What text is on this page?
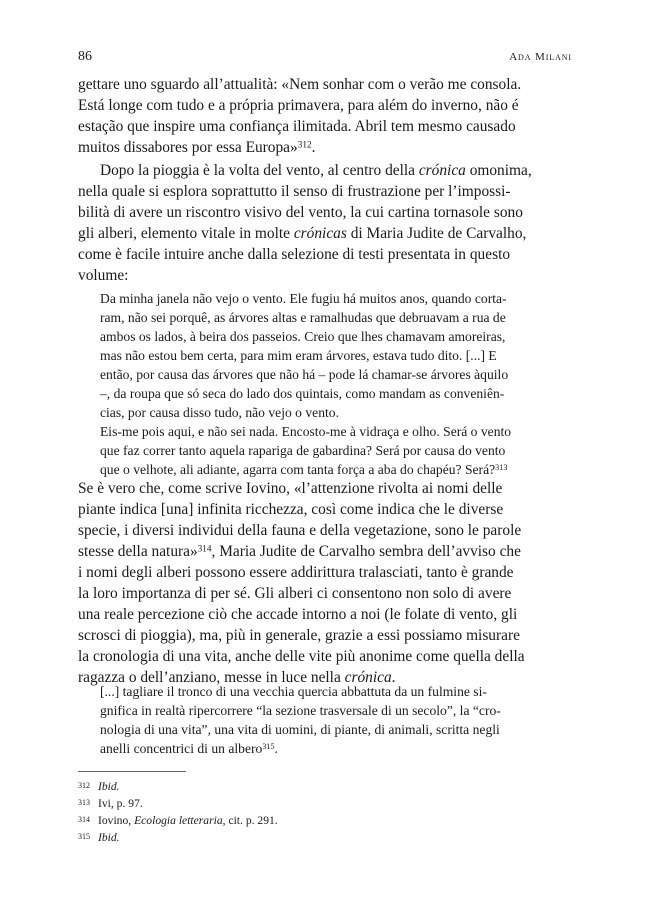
86	Ada Milani
gettare uno sguardo all’attualità: «Nem sonhar com o verão me consola.
Está longe com tudo e a própria primavera, para além do inverno, não é
estação que inspire uma confiança ilimitada. Abril tem mesmo causado
muitos dissabores por essa Europa»$^{312}$.
Dopo la pioggia è la volta del vento, al centro della crónica omonima,
nella quale si esplora soprattutto il senso di frustrazione per l’impossi-
bilità di avere un riscontro visivo del vento, la cui cartina tornasole sono
gli alberi, elemento vitale in molte crónicas di Maria Judite de Carvalho,
come è facile intuire anche dalla selezione di testi presentata in questo
volume:
Da minha janela não vejo o vento. Ele fugiu há muitos anos, quando corta-
ram, não sei porquê, as árvores altas e ramalhudas que debruavam a rua de
ambos os lados, à beira dos passeios. Creio que lhes chamavam amoreiras,
mas não estou bem certa, para mim eram árvores, estava tudo dito. [...] E
então, por causa das árvores que não há – pode lá chamar-se árvores àquilo
–, da roupa que só seca do lado dos quintais, como mandam as conveniên-
cias, por causa disso tudo, não vejo o vento.
Eis-me pois aqui, e não sei nada. Encosto-me à vidraça e olho. Será o vento
que faz correr tanto aquela rapariga de gabardina? Será por causa do vento
que o velhote, ali adiante, agarra com tanta força a aba do chapéu? Será?$^{313}$
Se è vero che, come scrive Iovino, «l’attenzione rivolta ai nomi delle
piante indica [una] infinita ricchezza, così come indica che le diverse
specie, i diversi individui della fauna e della vegetazione, sono le parole
stesse della natura»$^{314}$, Maria Judite de Carvalho sembra dell’avviso che
i nomi degli alberi possono essere addirittura tralasciati, tanto è grande
la loro importanza di per sé. Gli alberi ci consentono non solo di avere
una reale percezione ciò che accade intorno a noi (le folate di vento, gli
scrosci di pioggia), ma, più in generale, grazie a essi possiamo misurare
la cronologia di una vita, anche delle vite più anonime come quella della
ragazza o dell’anziano, messe in luce nella crónica.
[...] tagliare il tronco di una vecchia quercia abbattuta da un fulmine si-
gnifica in realtà ripercorrere “la sezione trasversale di un secolo”, la “cro-
nologia di una vita”, una vita di uomini, di piante, di animali, scritta negli
anelli concentrici di un albero$^{315}$.
312 Ibid.
313 Ivi, p. 97.
314 Iovino, Ecologia letteraria, cit. p. 291.
315 Ibid.
